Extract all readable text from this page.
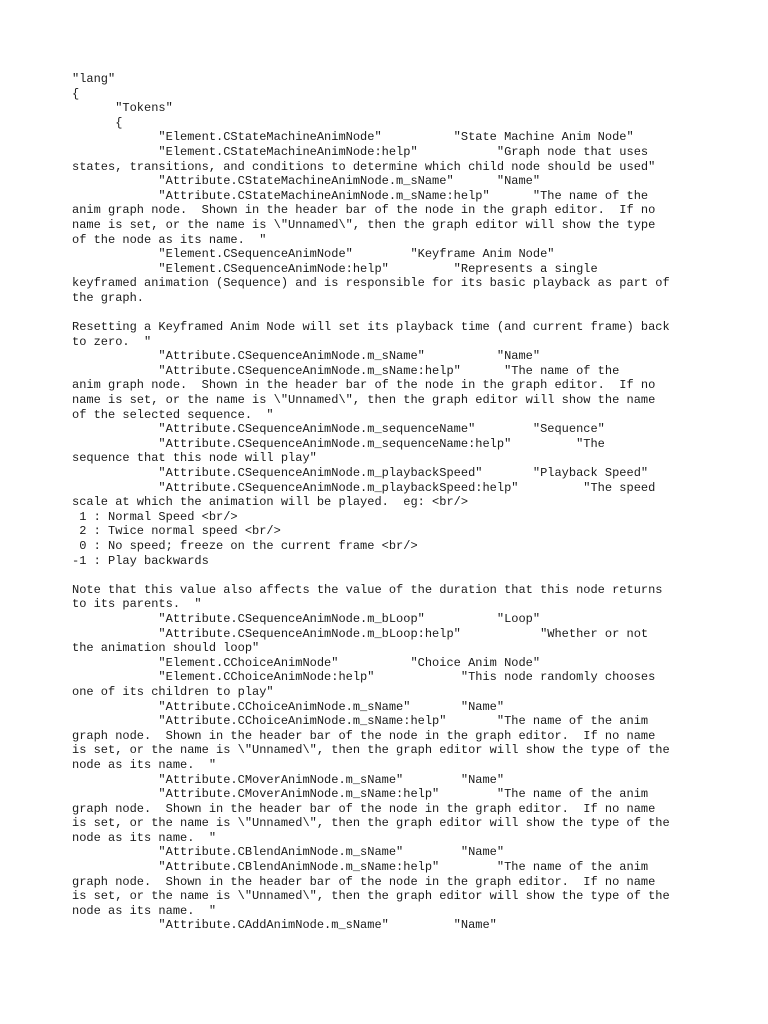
"lang"
{
"Tokens"
{
"Element.CStateMachineAnimNode"          "State Machine Anim Node"
"Element.CStateMachineAnimNode:help"           "Graph node that uses
states, transitions, and conditions to determine which child node should be used"
"Attribute.CStateMachineAnimNode.m_sName"      "Name"
"Attribute.CStateMachineAnimNode.m_sName:help"      "The name of the
anim graph node.  Shown in the header bar of the node in the graph editor.  If no
name is set, or the name is \"Unnamed\", then the graph editor will show the type
of the node as its name.  "
"Element.CSequenceAnimNode"        "Keyframe Anim Node"
"Element.CSequenceAnimNode:help"         "Represents a single
keyframed animation (Sequence) and is responsible for its basic playback as part of
the graph.
Resetting a Keyframed Anim Node will set its playback time (and current frame) back
to zero.  "
"Attribute.CSequenceAnimNode.m_sName"          "Name"
"Attribute.CSequenceAnimNode.m_sName:help"      "The name of the
anim graph node.  Shown in the header bar of the node in the graph editor.  If no
name is set, or the name is \"Unnamed\", then the graph editor will show the name
of the selected sequence.  "
"Attribute.CSequenceAnimNode.m_sequenceName"        "Sequence"
"Attribute.CSequenceAnimNode.m_sequenceName:help"         "The
sequence that this node will play"
"Attribute.CSequenceAnimNode.m_playbackSpeed"       "Playback Speed"
"Attribute.CSequenceAnimNode.m_playbackSpeed:help"         "The speed
scale at which the animation will be played.  eg: <br/>
1 : Normal Speed <br/>
2 : Twice normal speed <br/>
0 : No speed; freeze on the current frame <br/>
-1 : Play backwards
Note that this value also affects the value of the duration that this node returns
to its parents.  "
"Attribute.CSequenceAnimNode.m_bLoop"          "Loop"
"Attribute.CSequenceAnimNode.m_bLoop:help"           "Whether or not
the animation should loop"
"Element.CChoiceAnimNode"          "Choice Anim Node"
"Element.CChoiceAnimNode:help"            "This node randomly chooses
one of its children to play"
"Attribute.CChoiceAnimNode.m_sName"       "Name"
"Attribute.CChoiceAnimNode.m_sName:help"       "The name of the anim
graph node.  Shown in the header bar of the node in the graph editor.  If no name
is set, or the name is \"Unnamed\", then the graph editor will show the type of the
node as its name.  "
"Attribute.CMoverAnimNode.m_sName"        "Name"
"Attribute.CMoverAnimNode.m_sName:help"        "The name of the anim
graph node.  Shown in the header bar of the node in the graph editor.  If no name
is set, or the name is \"Unnamed\", then the graph editor will show the type of the
node as its name.  "
"Attribute.CBlendAnimNode.m_sName"        "Name"
"Attribute.CBlendAnimNode.m_sName:help"        "The name of the anim
graph node.  Shown in the header bar of the node in the graph editor.  If no name
is set, or the name is \"Unnamed\", then the graph editor will show the type of the
node as its name.  "
"Attribute.CAddAnimNode.m_sName"         "Name"
